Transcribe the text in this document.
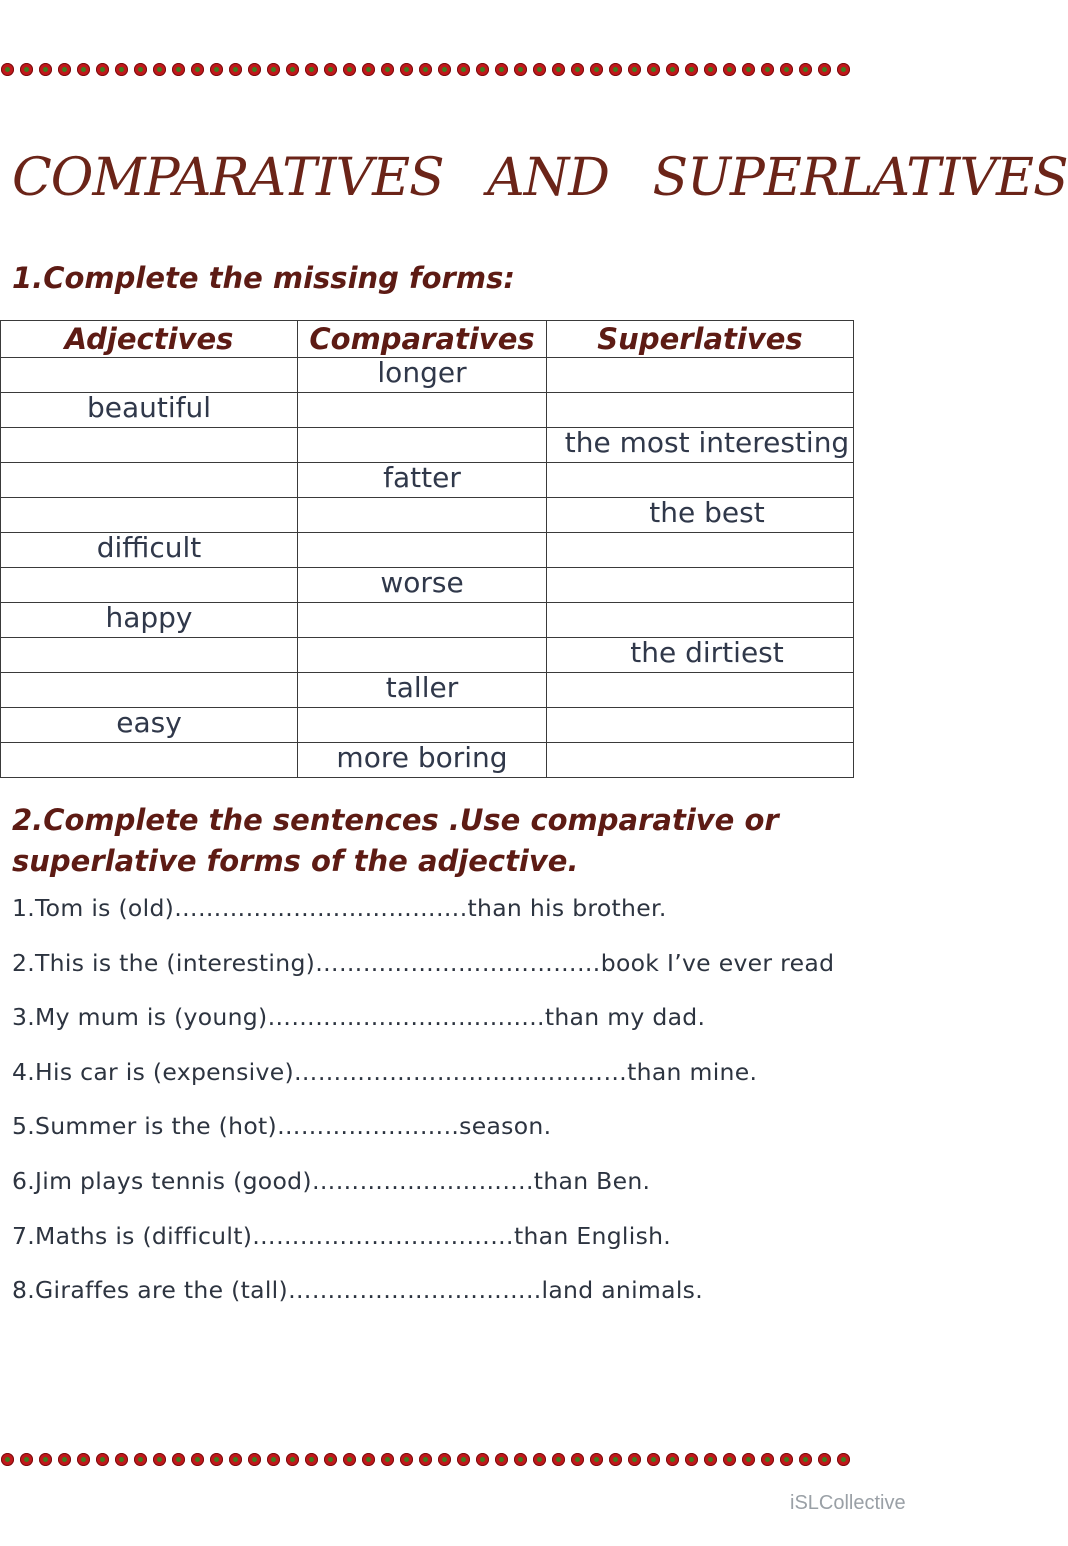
COMPARATIVES AND SUPERLATIVES
1.Complete the missing forms:
Adjectives	Comparatives	Superlatives
	longer	
beautiful		
		the most interesting
	fatter	
		the best
difficult		
	worse	
happy		
		the dirtiest
	taller	
easy		
	more boring	
2.Complete the sentences .Use comparative or superlative forms of the adjective.
1.Tom is (old)……………………………….than his brother.
2.This is the (interesting)………………………………book I’ve ever read
3.My mum is (young)……………………………..than my dad.
4.His car is (expensive)……………………………………than mine.
5.Summer is the (hot)…………………..season.
6.Jim plays tennis (good)……………………….than Ben.
7.Maths is (difficult)……………………………than English.
8.Giraffes are the (tall)…………………………..land animals.
iSLCollective
